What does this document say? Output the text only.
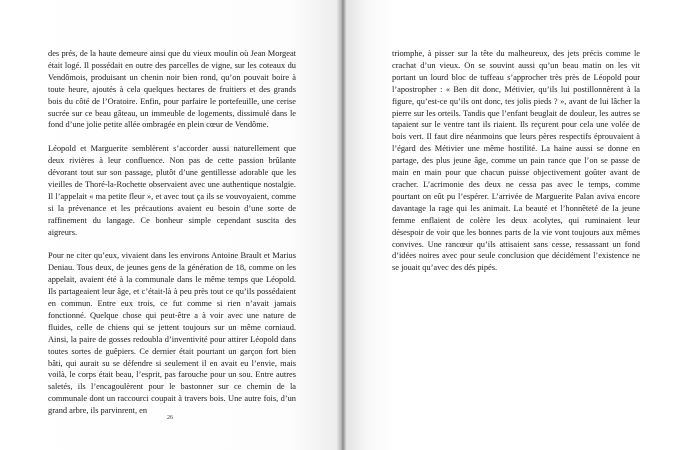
des prés, de la haute demeure ainsi que du vieux moulin où Jean Morgeat était logé. Il possédait en outre des parcelles de vigne, sur les coteaux du Vendômois, produisant un chenin noir bien rond, qu’on pouvait boire à toute heure, ajoutés à cela quelques hectares de fruitiers et des grands bois du côté de l’Oratoire. Enfin, pour parfaire le portefeuille, une cerise sucrée sur ce beau gâteau, un immeuble de logements, dissimulé dans le fond d’une jolie petite allée ombragée en plein cœur de Vendôme.

Léopold et Marguerite semblèrent s’accorder aussi naturellement que deux rivières à leur confluence. Non pas de cette passion brûlante dévorant tout sur son passage, plutôt d’une gentillesse adorable que les vieilles de Thoré-la-Rochette observaient avec une authentique nostalgie. Il l’appelait « ma petite fleur », et avec tout ça ils se vouvoyaient, comme si la prévenance et les précautions avaient eu besoin d’une sorte de raffinement du langage. Ce bonheur simple cependant suscita des aigreurs.

Pour ne citer qu’eux, vivaient dans les environs Antoine Brault et Marius Deniau. Tous deux, de jeunes gens de la génération de 18, comme on les appelait, avaient été à la communale dans le même temps que Léopold. Ils partageaient leur âge, et c’était-là à peu près tout ce qu’ils possédaient en commun. Entre eux trois, ce fut comme si rien n’avait jamais fonctionné. Quelque chose qui peut-être a à voir avec une nature de fluides, celle de chiens qui se jettent toujours sur un même corniaud. Ainsi, la paire de gosses redoubla d’inventivité pour attirer Léopold dans toutes sortes de guêpiers. Ce dernier était pourtant un garçon fort bien bâti, qui aurait su se défendre si seulement il en avait eu l’envie, mais voilà, le corps était beau, l’esprit, pas farouche pour un sou. Entre autres saletés, ils l’encagoulèrent pour le bastonner sur ce chemin de la communale dont un raccourci coupait à travers bois. Une autre fois, d’un grand arbre, ils parvinrent, en

26

triomphe, à pisser sur la tête du malheureux, des jets précis comme le crachat d’un vieux. On se souvint aussi qu’un beau matin on les vit portant un lourd bloc de tuffeau s’approcher très près de Léopold pour l’apostropher : « Ben dit donc, Métivier, qu’ils lui postillonnèrent à la figure, qu’est-ce qu’ils ont donc, tes jolis pieds ? », avant de lui lâcher la pierre sur les orteils. Tandis que l’enfant beuglait de douleur, les autres se tapaient sur le ventre tant ils riaient. Ils reçurent pour cela une volée de bois vert. Il faut dire néanmoins que leurs pères respectifs éprouvaient à l’égard des Métivier une même hostilité. La haine aussi se donne en partage, des plus jeune âge, comme un pain rance que l’on se passe de main en main pour que chacun puisse objectivement goûter avant de cracher. L’acrimonie des deux ne cessa pas avec le temps, comme pourtant on eût pu l’espérer. L’arrivée de Marguerite Palan aviva encore davantage la rage qui les animait. La beauté et l’honnêteté de la jeune femme enflaient de colère les deux acolytes, qui ruminaient leur désespoir de voir que les bonnes parts de la vie vont toujours aux mêmes convives. Une rancœur qu’ils attisaient sans cesse, ressassant un fond d’idées noires avec pour seule conclusion que décidément l’existence ne se jouait qu’avec des dés pipés.
